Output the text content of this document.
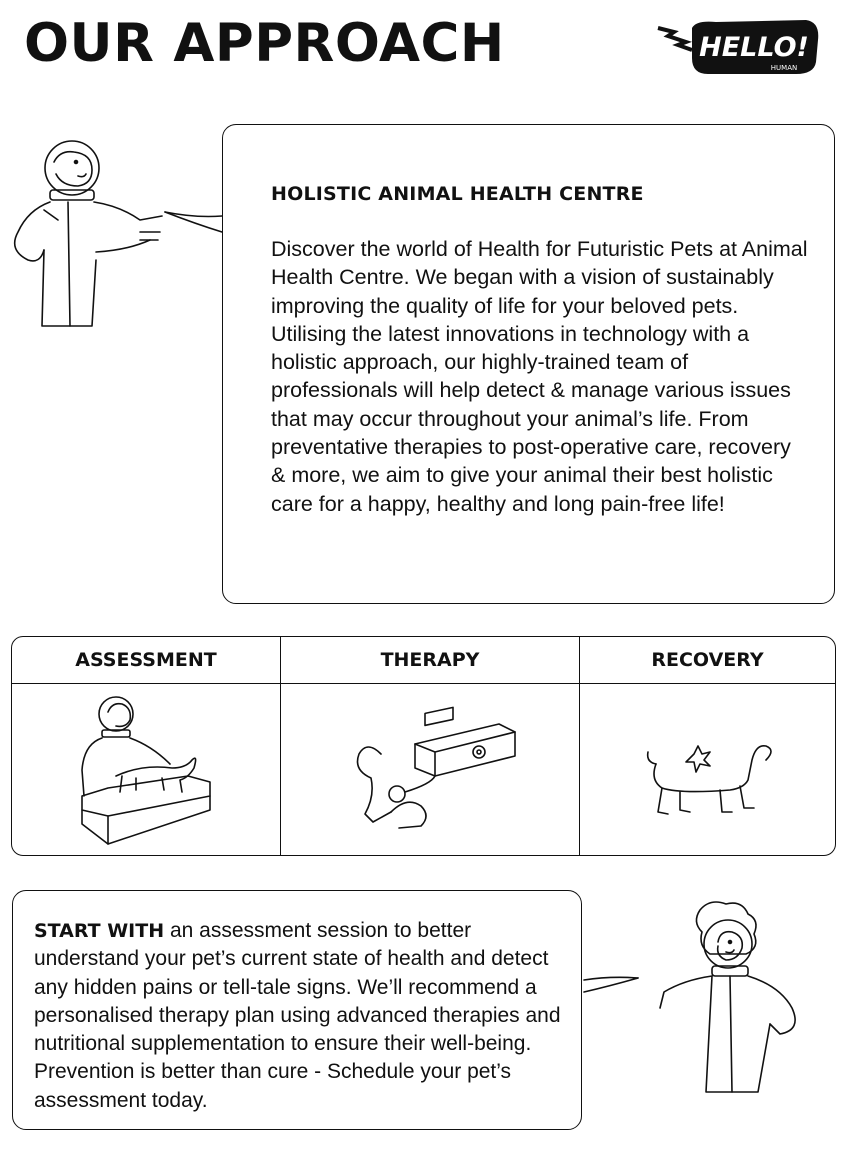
OUR APPROACH	HELLO!
HUMAN
HOLISTIC ANIMAL HEALTH CENTRE

Discover the world of Health for Futuristic Pets at Animal Health Centre. We began with a vision of sustainably improving the quality of life for your beloved pets. Utilising the latest innovations in technology with a holistic approach, our highly-trained team of professionals will help detect & manage various issues that may occur throughout your animal’s life. From preventative therapies to post-operative care, recovery & more, we aim to give your animal their best holistic care for a happy, healthy and long pain-free life!

ASSESSMENT	THERAPY	RECOVERY

START WITH an assessment session to better understand your pet’s current state of health and detect any hidden pains or tell-tale signs. We’ll recommend a personalised therapy plan using advanced therapies and nutritional supplementation to ensure their well-being. Prevention is better than cure - Schedule your pet’s assessment today.
